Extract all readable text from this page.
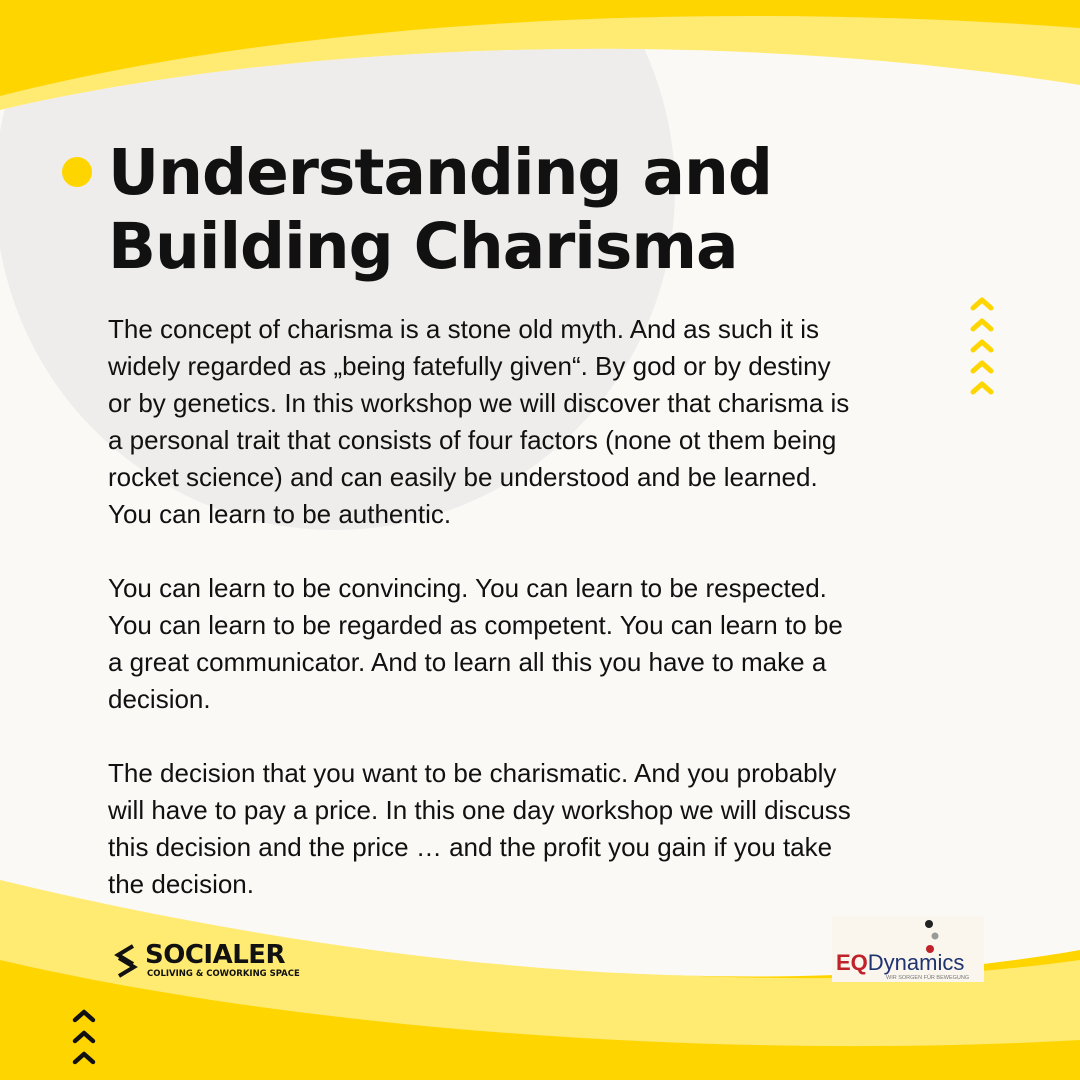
Understanding and
Building Charisma

The concept of charisma is a stone old myth. And as such it is
widely regarded as „being fatefully given“. By god or by destiny
or by genetics. In this workshop we will discover that charisma is
a personal trait that consists of four factors (none ot them being
rocket science) and can easily be understood and be learned.
You can learn to be authentic.

You can learn to be convincing. You can learn to be respected.
You can learn to be regarded as competent. You can learn to be
a great communicator. And to learn all this you have to make a
decision.

The decision that you want to be charismatic. And you probably
will have to pay a price. In this one day workshop we will discuss
this decision and the price … and the profit you gain if you take
the decision.

SOCIALER
COLIVING & COWORKING SPACE	EQDynamics
WIR SORGEN FÜR BEWEGUNG
